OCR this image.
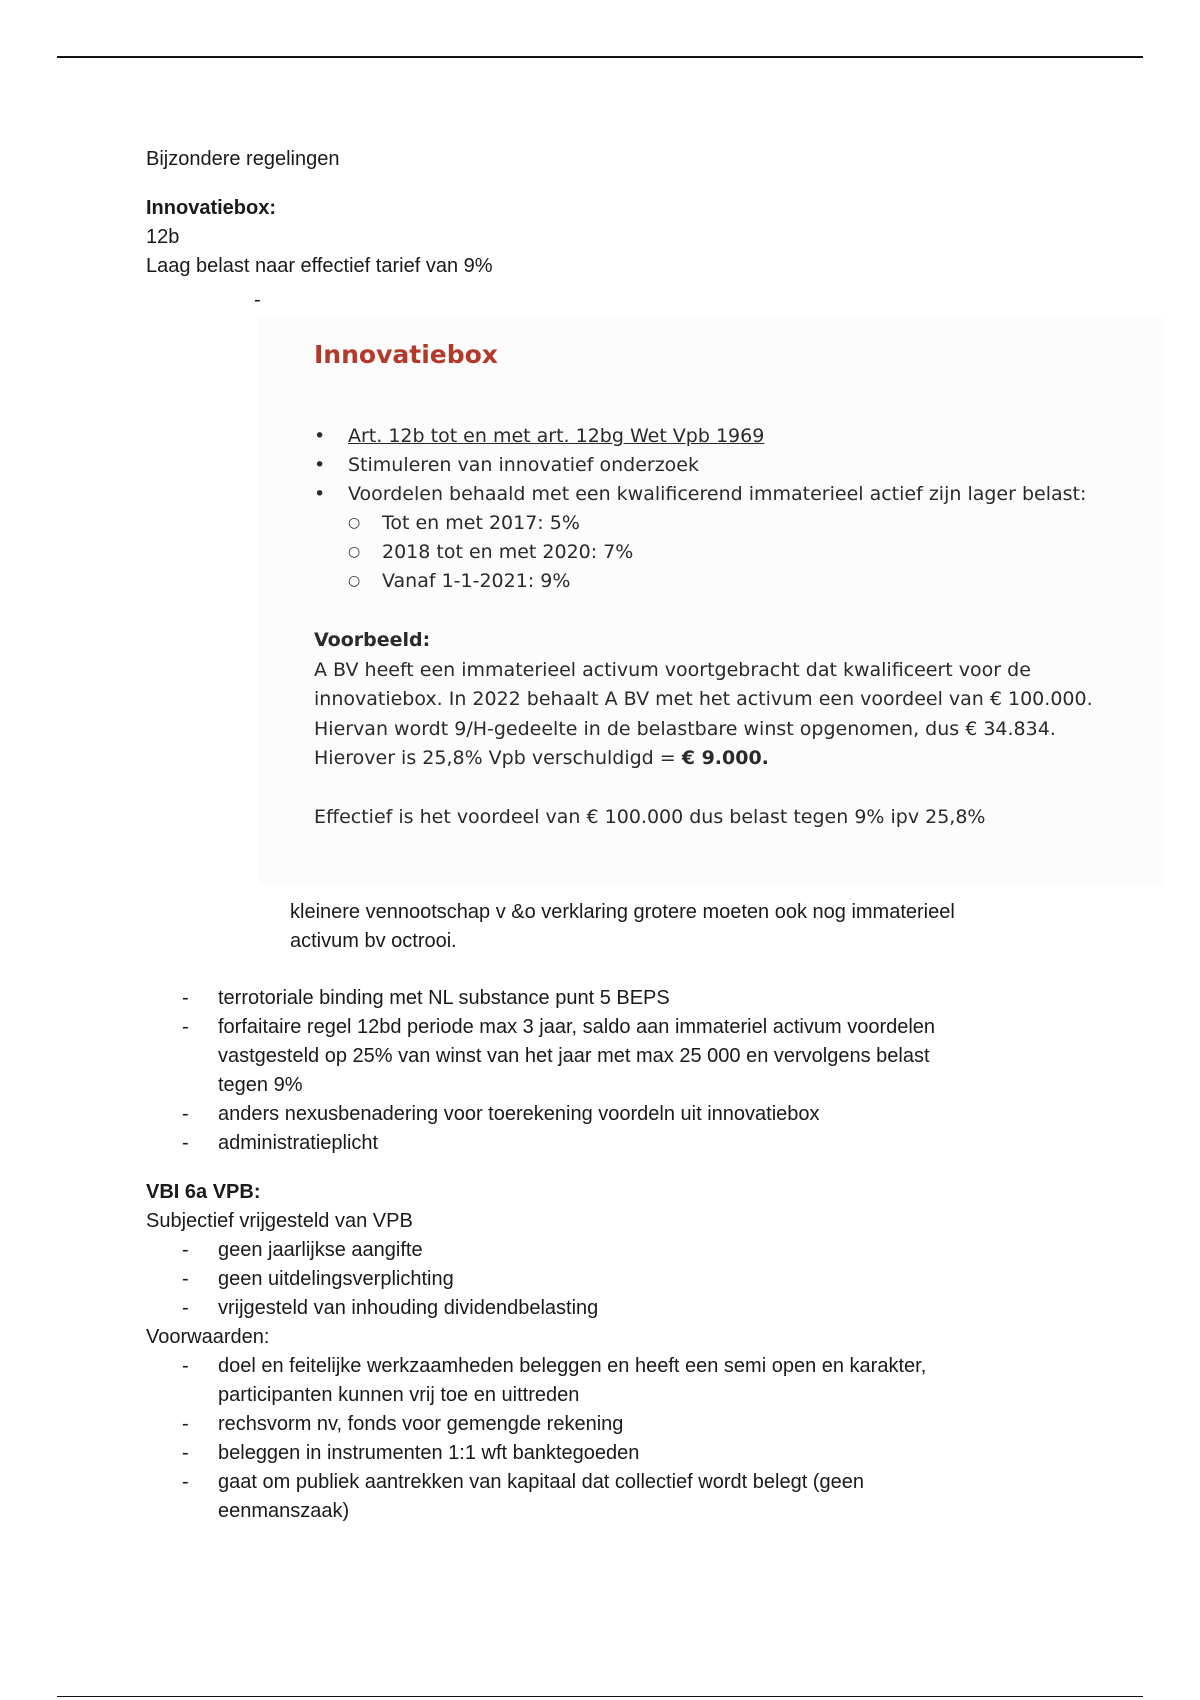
Bijzondere regelingen

Innovatiebox:

12b

Laag belast naar effectief tarief van 9%

-
Innovatiebox
• Art. 12b tot en met art. 12bg Wet Vpb 1969
• Stimuleren van innovatief onderzoek
• Voordelen behaald met een kwalificerend immaterieel actief zijn lager belast:
○ Tot en met 2017: 5%
○ 2018 tot en met 2020: 7%
○ Vanaf 1-1-2021: 9%

Voorbeeld:

A BV heeft een immaterieel activum voortgebracht dat kwalificeert voor de

innovatiebox. In 2022 behaalt A BV met het activum een voordeel van € 100.000.

Hiervan wordt 9/H-gedeelte in de belastbare winst opgenomen, dus € 34.834.

Hierover is 25,8% Vpb verschuldigd = € 9.000.

Effectief is het voordeel van € 100.000 dus belast tegen 9% ipv 25,8%

kleinere vennootschap v &o verklaring grotere moeten ook nog immaterieel

activum bv octrooi.

- terrotoriale binding met NL substance punt 5 BEPS
- forfaitaire regel 12bd periode max 3 jaar, saldo aan immateriel activum voordelen
vastgesteld op 25% van winst van het jaar met max 25 000 en vervolgens belast
tegen 9%
- anders nexusbenadering voor toerekening voordeln uit innovatiebox
- administratieplicht

VBI 6a VPB:

Subjectief vrijgesteld van VPB

- geen jaarlijkse aangifte
- geen uitdelingsverplichting
- vrijgesteld van inhouding dividendbelasting

Voorwaarden:

- doel en feitelijke werkzaamheden beleggen en heeft een semi open en karakter,
participanten kunnen vrij toe en uittreden
- rechsvorm nv, fonds voor gemengde rekening
- beleggen in instrumenten 1:1 wft banktegoeden
- gaat om publiek aantrekken van kapitaal dat collectief wordt belegt (geen
eenmanszaak)
